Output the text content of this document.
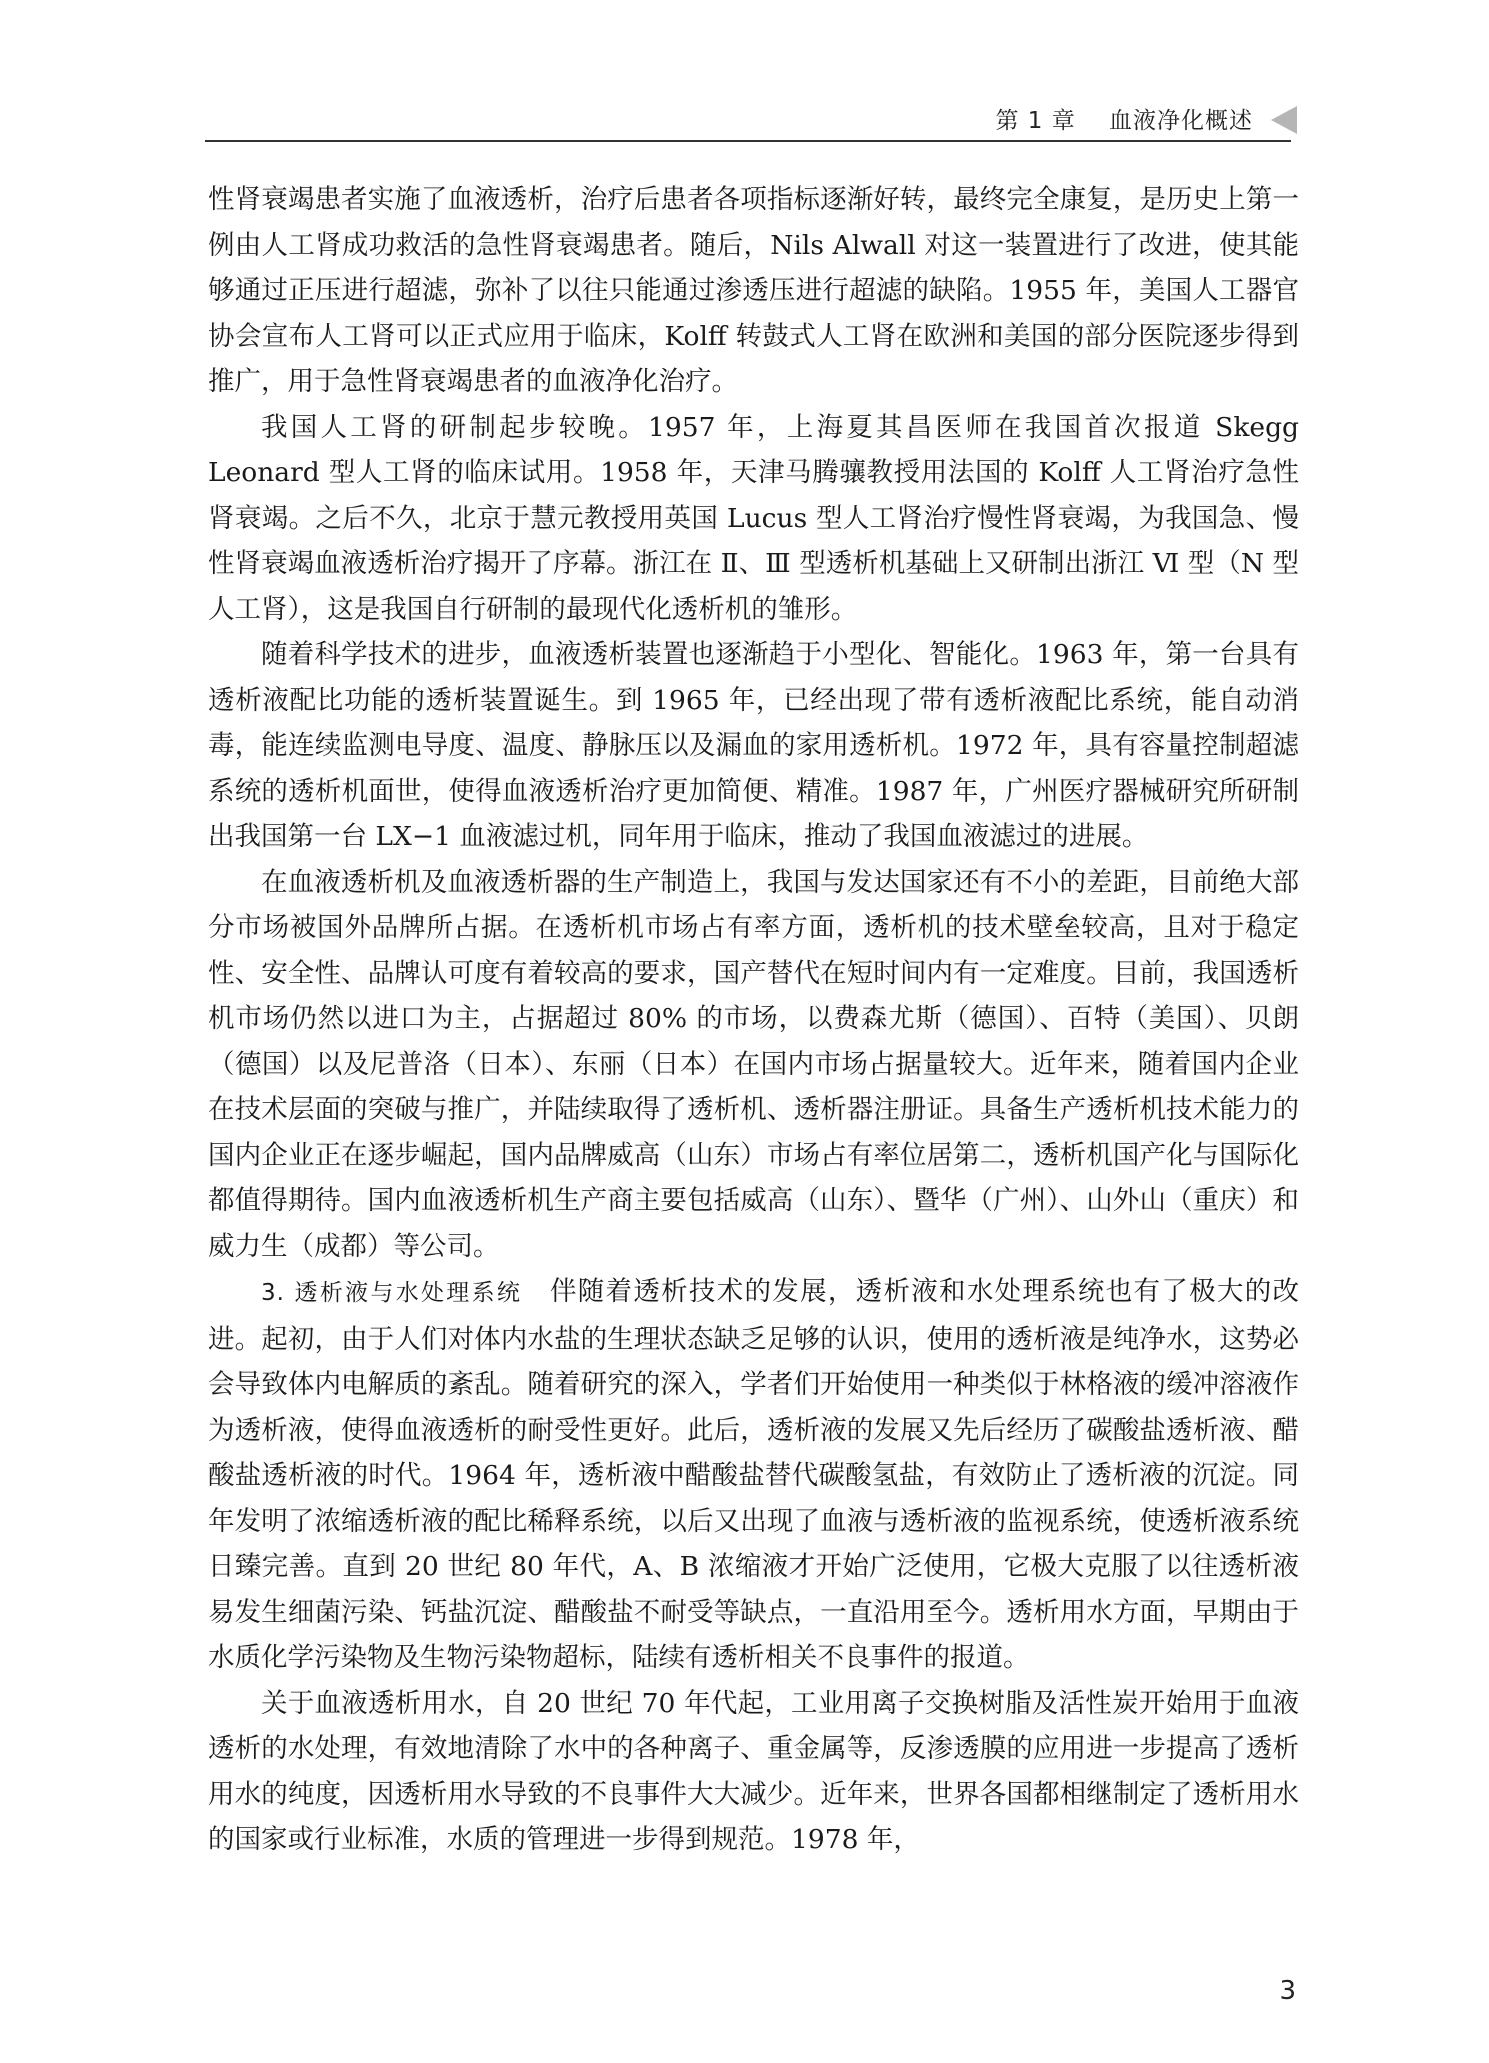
第 1 章    血液净化概述

性肾衰竭患者实施了血液透析，治疗后患者各项指标逐渐好转，最终完全康复，是历史上第一例由人工肾成功救活的急性肾衰竭患者。随后，Nils Alwall 对这一装置进行了改进，使其能够通过正压进行超滤，弥补了以往只能通过渗透压进行超滤的缺陷。1955 年，美国人工器官协会宣布人工肾可以正式应用于临床，Kolff 转鼓式人工肾在欧洲和美国的部分医院逐步得到推广，用于急性肾衰竭患者的血液净化治疗。

我国人工肾的研制起步较晚。1957 年，上海夏其昌医师在我国首次报道 Skegg Leonard 型人工肾的临床试用。1958 年，天津马腾骧教授用法国的 Kolff 人工肾治疗急性肾衰竭。之后不久，北京于慧元教授用英国 Lucus 型人工肾治疗慢性肾衰竭，为我国急、慢性肾衰竭血液透析治疗揭开了序幕。浙江在 Ⅱ、Ⅲ 型透析机基础上又研制出浙江 Ⅵ 型（N 型人工肾），这是我国自行研制的最现代化透析机的雏形。

随着科学技术的进步，血液透析装置也逐渐趋于小型化、智能化。1963 年，第一台具有透析液配比功能的透析装置诞生。到 1965 年，已经出现了带有透析液配比系统，能自动消毒，能连续监测电导度、温度、静脉压以及漏血的家用透析机。1972 年，具有容量控制超滤系统的透析机面世，使得血液透析治疗更加简便、精准。1987 年，广州医疗器械研究所研制出我国第一台 LX−1 血液滤过机，同年用于临床，推动了我国血液滤过的进展。

在血液透析机及血液透析器的生产制造上，我国与发达国家还有不小的差距，目前绝大部分市场被国外品牌所占据。在透析机市场占有率方面，透析机的技术壁垒较高，且对于稳定性、安全性、品牌认可度有着较高的要求，国产替代在短时间内有一定难度。目前，我国透析机市场仍然以进口为主，占据超过 80% 的市场，以费森尤斯（德国）、百特（美国）、贝朗（德国）以及尼普洛（日本）、东丽（日本）在国内市场占据量较大。近年来，随着国内企业在技术层面的突破与推广，并陆续取得了透析机、透析器注册证。具备生产透析机技术能力的国内企业正在逐步崛起，国内品牌威高（山东）市场占有率位居第二，透析机国产化与国际化都值得期待。国内血液透析机生产商主要包括威高（山东）、暨华（广州）、山外山（重庆）和威力生（成都）等公司。

3. 透析液与水处理系统　 伴随着透析技术的发展，透析液和水处理系统也有了极大的改进。起初，由于人们对体内水盐的生理状态缺乏足够的认识，使用的透析液是纯净水，这势必会导致体内电解质的紊乱。随着研究的深入，学者们开始使用一种类似于林格液的缓冲溶液作为透析液，使得血液透析的耐受性更好。此后，透析液的发展又先后经历了碳酸盐透析液、醋酸盐透析液的时代。1964 年，透析液中醋酸盐替代碳酸氢盐，有效防止了透析液的沉淀。同年发明了浓缩透析液的配比稀释系统，以后又出现了血液与透析液的监视系统，使透析液系统日臻完善。直到 20 世纪 80 年代，A、B 浓缩液才开始广泛使用，它极大克服了以往透析液易发生细菌污染、钙盐沉淀、醋酸盐不耐受等缺点，一直沿用至今。透析用水方面，早期由于水质化学污染物及生物污染物超标，陆续有透析相关不良事件的报道。

关于血液透析用水，自 20 世纪 70 年代起，工业用离子交换树脂及活性炭开始用于血液透析的水处理，有效地清除了水中的各种离子、重金属等，反渗透膜的应用进一步提高了透析用水的纯度，因透析用水导致的不良事件大大减少。近年来，世界各国都相继制定了透析用水的国家或行业标准，水质的管理进一步得到规范。1978 年，

3
